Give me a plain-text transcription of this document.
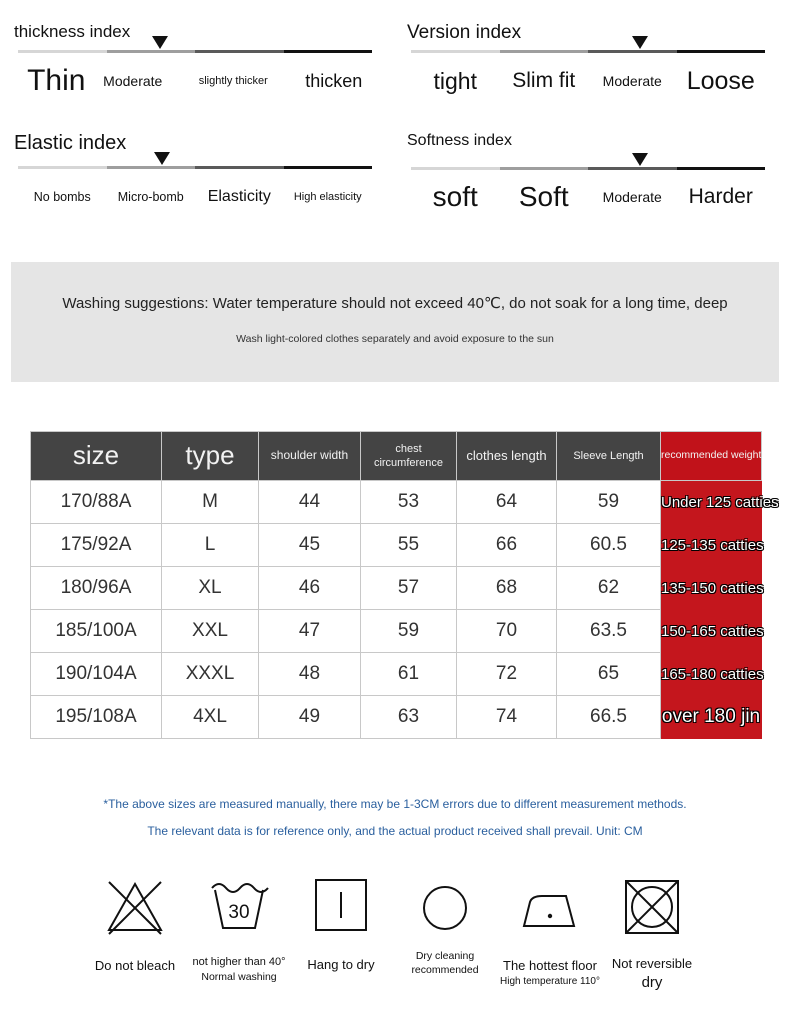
thickness index
Thin	Moderate	slightly thicker	thicken
Version index
tight	Slim fit	Moderate Loose
Elastic index
No bombs	Micro-bomb	Elasticity	High elasticity
Softness index
soft	Soft	Moderate	Harder
Washing suggestions: Water temperature should not exceed 40℃, do not soak for a long time, deep
Wash light-colored clothes separately and avoid exposure to the sun
size	type	shoulder width	chest circumference	clothes length	Sleeve Length	recommended weight
170/88A	M	44	53	64	59	Under 125 catties
175/92A	L	45	55	66	60.5	125-135 catties
180/96A	XL	46	57	68	62	135-150 catties
185/100A	XXL	47	59	70	63.5	150-165 catties
190/104A	XXXL	48	61	72	65	165-180 catties
195/108A	4XL	49	63	74	66.5	over 180 jin
*The above sizes are measured manually, there may be 1-3CM errors due to different measurement methods.
The relevant data is for reference only, and the actual product received shall prevail. Unit: CM
Do not bleach
30
not higher than 40°
Normal washing
Hang to dry
Dry cleaning recommended	The hottest floor
High temperature 110°
Not reversible
dry
